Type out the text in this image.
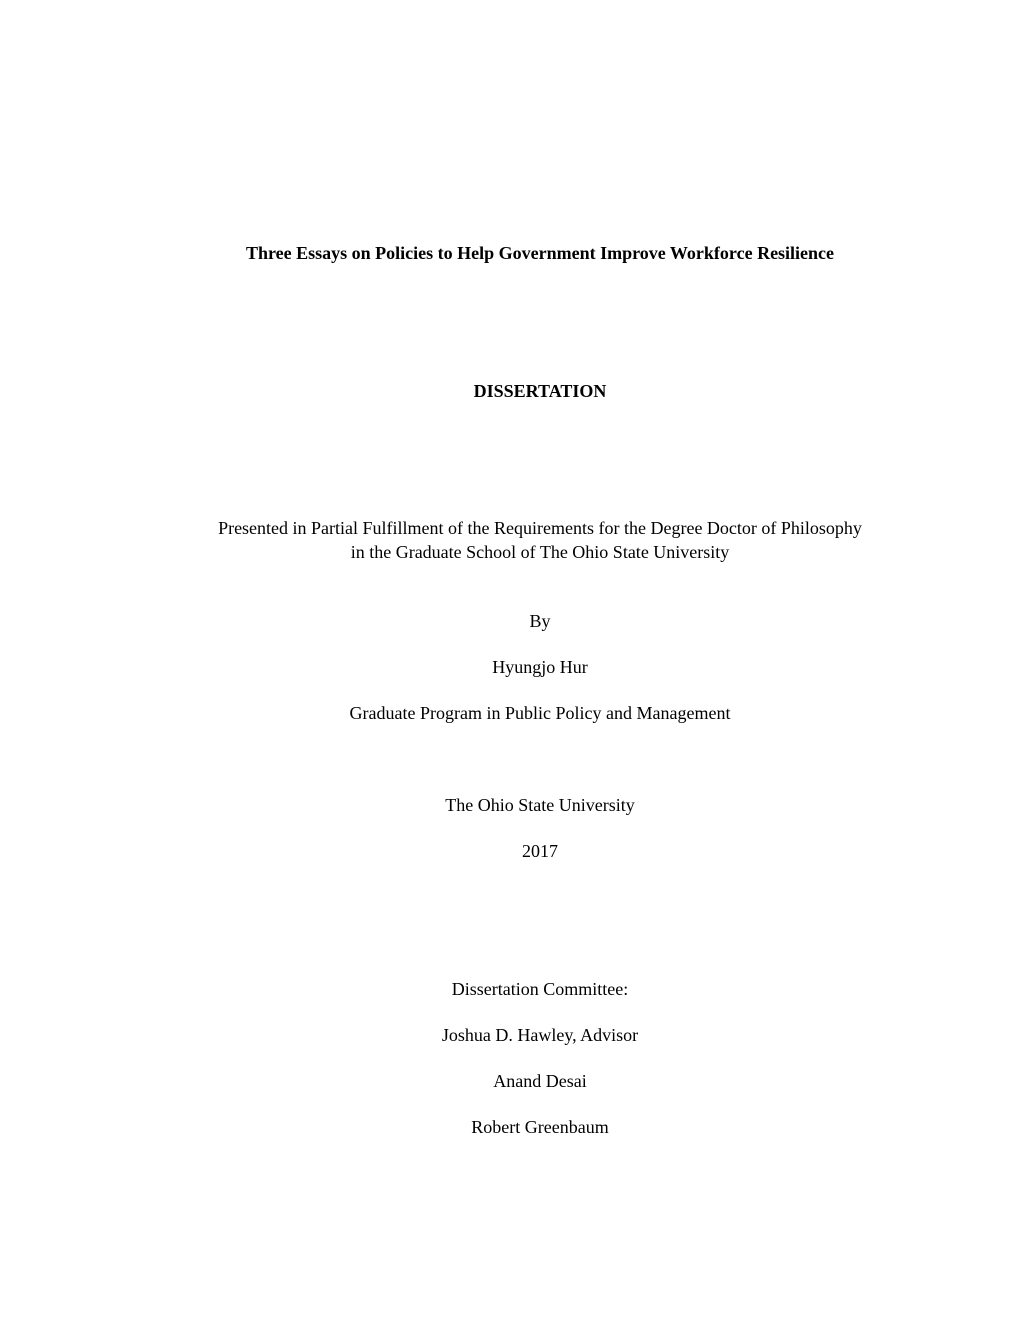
Three Essays on Policies to Help Government Improve Workforce Resilience
DISSERTATION
Presented in Partial Fulfillment of the Requirements for the Degree Doctor of Philosophy
in the Graduate School of The Ohio State University
By
Hyungjo Hur
Graduate Program in Public Policy and Management
The Ohio State University
2017
Dissertation Committee:
Joshua D. Hawley, Advisor
Anand Desai
Robert Greenbaum
